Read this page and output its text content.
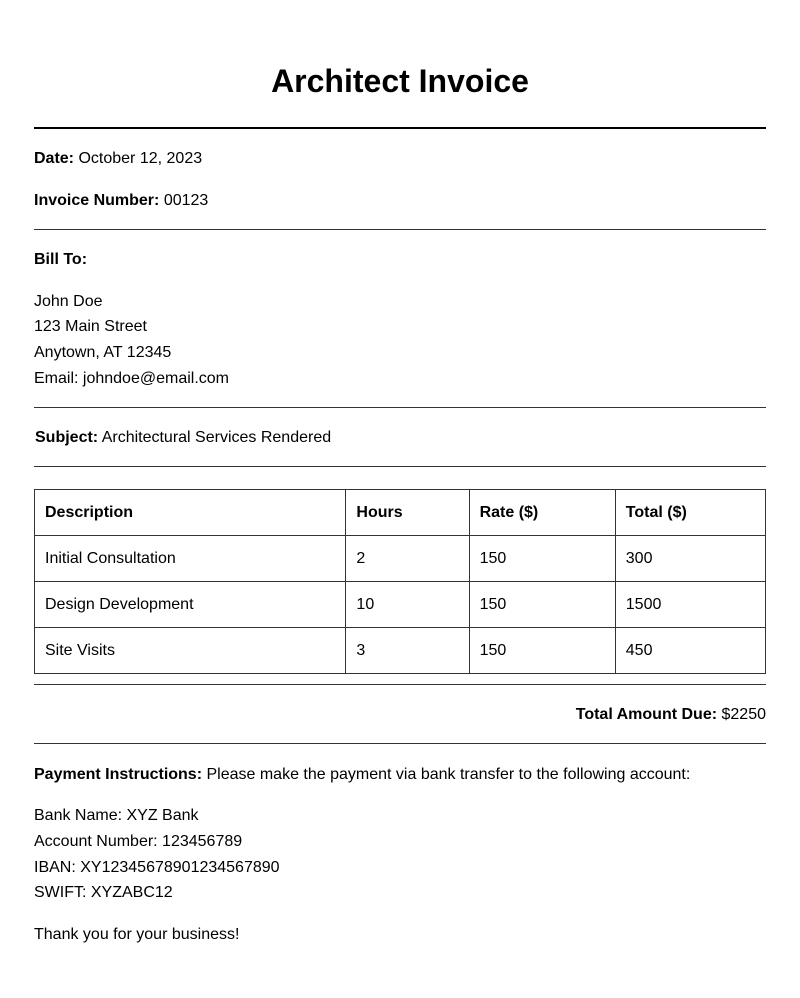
Architect Invoice
Date: October 12, 2023
Invoice Number: 00123
Bill To:
John Doe
123 Main Street
Anytown, AT 12345
Email: johndoe@email.com
Subject: Architectural Services Rendered
Description	Hours	Rate ($)	Total ($)
Initial Consultation	2	150	300
Design Development	10	150	1500
Site Visits	3	150	450
Total Amount Due: $2250
Payment Instructions: Please make the payment via bank transfer to the following account:
Bank Name: XYZ Bank
Account Number: 123456789
IBAN: XY12345678901234567890
SWIFT: XYZABC12
Thank you for your business!
